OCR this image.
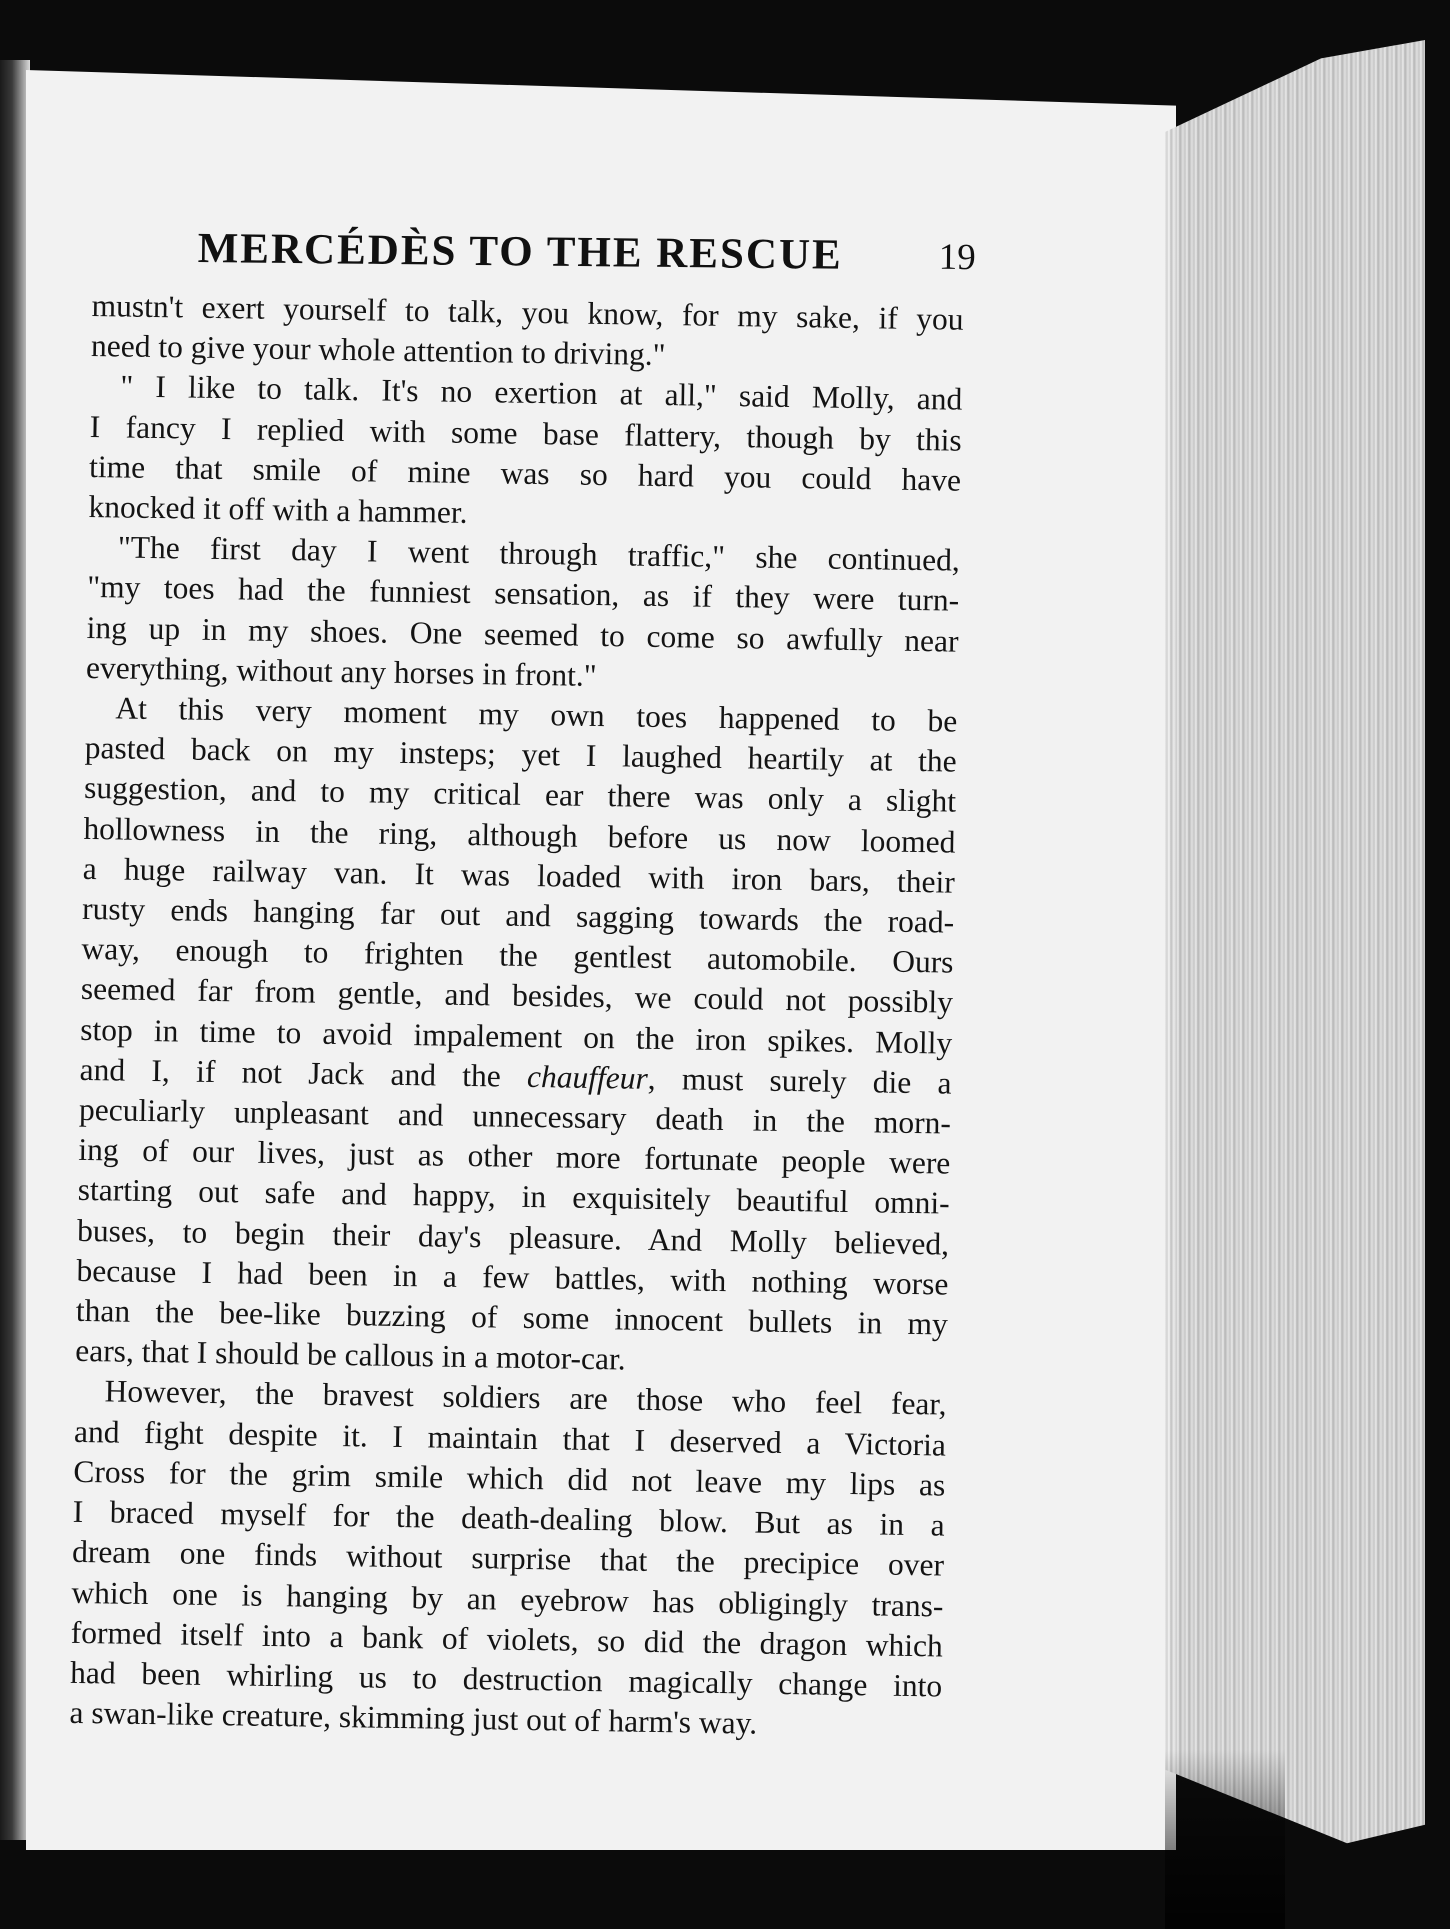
MERCÉDÈS TO THE RESCUE	19

mustn't exert yourself to talk, you know, for my sake, if you

need to give your whole attention to driving."

" I like to talk. It's no exertion at all," said Molly, and

I fancy I replied with some base flattery, though by this

time that smile of mine was so hard you could have

knocked it off with a hammer.

"The first day I went through traffic," she continued,

"my toes had the funniest sensation, as if they were turn-

ing up in my shoes. One seemed to come so awfully near

everything, without any horses in front."

At this very moment my own toes happened to be

pasted back on my insteps; yet I laughed heartily at the

suggestion, and to my critical ear there was only a slight

hollowness in the ring, although before us now loomed

a huge railway van. It was loaded with iron bars, their

rusty ends hanging far out and sagging towards the road-

way, enough to frighten the gentlest automobile. Ours

seemed far from gentle, and besides, we could not possibly

stop in time to avoid impalement on the iron spikes. Molly

and I, if not Jack and the chauffeur, must surely die a

peculiarly unpleasant and unnecessary death in the morn-

ing of our lives, just as other more fortunate people were

starting out safe and happy, in exquisitely beautiful omni-

buses, to begin their day's pleasure. And Molly believed,

because I had been in a few battles, with nothing worse

than the bee-like buzzing of some innocent bullets in my

ears, that I should be callous in a motor-car.

However, the bravest soldiers are those who feel fear,

and fight despite it. I maintain that I deserved a Victoria

Cross for the grim smile which did not leave my lips as

I braced myself for the death-dealing blow. But as in a

dream one finds without surprise that the precipice over

which one is hanging by an eyebrow has obligingly trans-

formed itself into a bank of violets, so did the dragon which

had been whirling us to destruction magically change into

a swan-like creature, skimming just out of harm's way.
